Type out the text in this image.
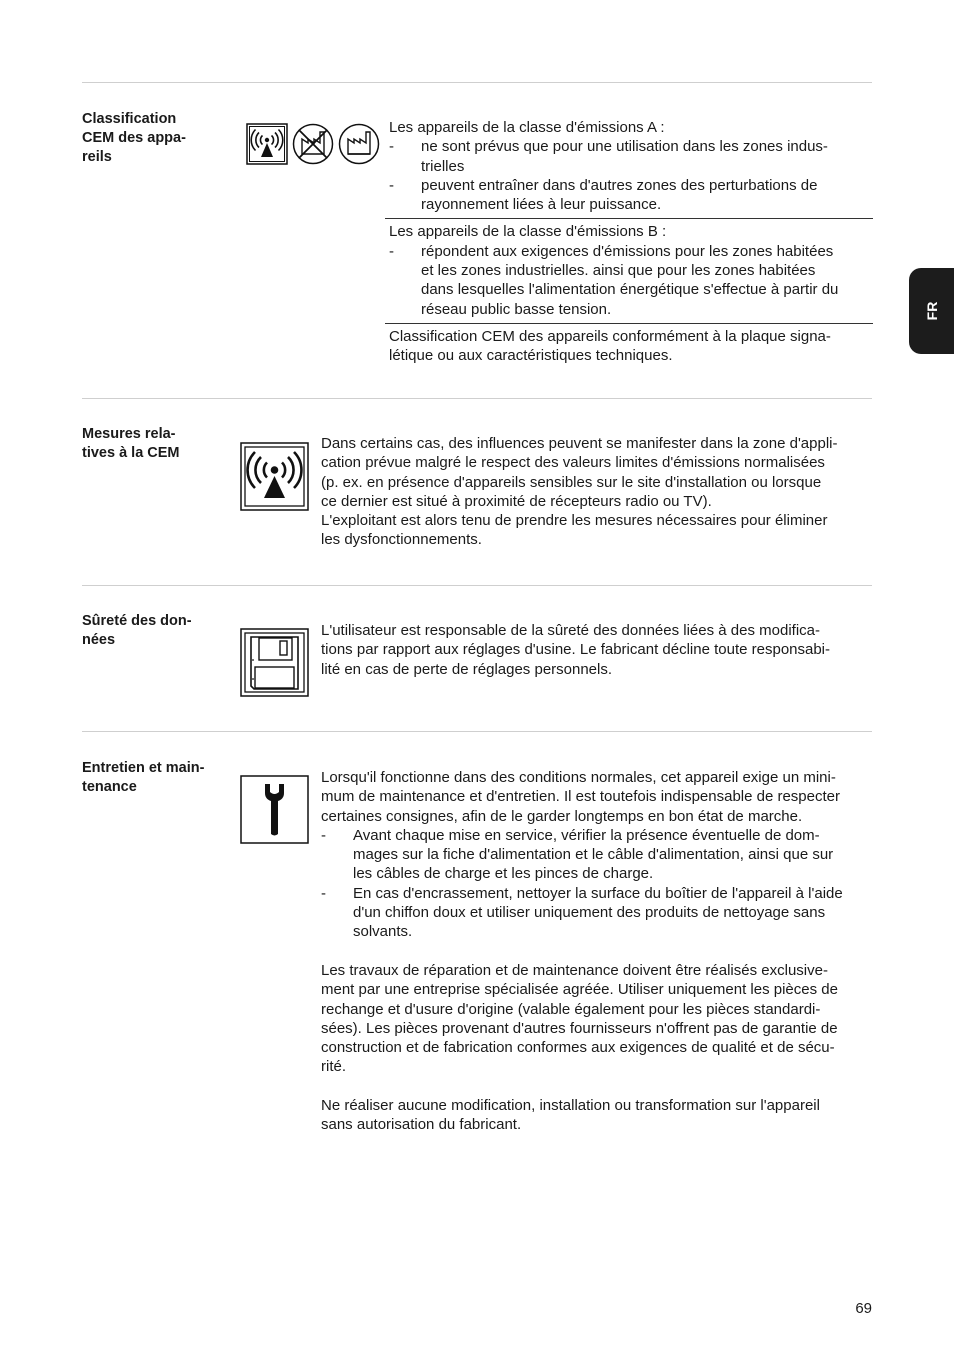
FR
Classification
CEM des appa-
reils

Les appareils de la classe d'émissions A :

- ne sont prévus que pour une utilisation dans les zones indus-
trielles
- peuvent entraîner dans d'autres zones des perturbations de
rayonnement liées à leur puissance.

Les appareils de la classe d'émissions B :

- répondent aux exigences d'émissions pour les zones habitées
et les zones industrielles. ainsi que pour les zones habitées
dans lesquelles l'alimentation énergétique s'effectue à partir du
réseau public basse tension.

Classification CEM des appareils conformément à la plaque signa-
létique ou aux caractéristiques techniques.

Mesures rela-
tives à la CEM

Dans certains cas, des influences peuvent se manifester dans la zone d'appli-
cation prévue malgré le respect des valeurs limites d'émissions normalisées
(p. ex. en présence d'appareils sensibles sur le site d'installation ou lorsque
ce dernier est situé à proximité de récepteurs radio ou TV).

L'exploitant est alors tenu de prendre les mesures nécessaires pour éliminer
les dysfonctionnements.

Sûreté des don-
nées

L'utilisateur est responsable de la sûreté des données liées à des modifica-
tions par rapport aux réglages d'usine. Le fabricant décline toute responsabi-
lité en cas de perte de réglages personnels.

Entretien et main-
tenance

Lorsqu'il fonctionne dans des conditions normales, cet appareil exige un mini-
mum de maintenance et d'entretien. Il est toutefois indispensable de respecter
certaines consignes, afin de le garder longtemps en bon état de marche.

- Avant chaque mise en service, vérifier la présence éventuelle de dom-
mages sur la fiche d'alimentation et le câble d'alimentation, ainsi que sur
les câbles de charge et les pinces de charge.
- En cas d'encrassement, nettoyer la surface du boîtier de l'appareil à l'aide
d'un chiffon doux et utiliser uniquement des produits de nettoyage sans
solvants.

Les travaux de réparation et de maintenance doivent être réalisés exclusive-
ment par une entreprise spécialisée agréée. Utiliser uniquement les pièces de
rechange et d'usure d'origine (valable également pour les pièces standardi-
sées). Les pièces provenant d'autres fournisseurs n'offrent pas de garantie de
construction et de fabrication conformes aux exigences de qualité et de sécu-
rité.

Ne réaliser aucune modification, installation ou transformation sur l'appareil
sans autorisation du fabricant.

69
